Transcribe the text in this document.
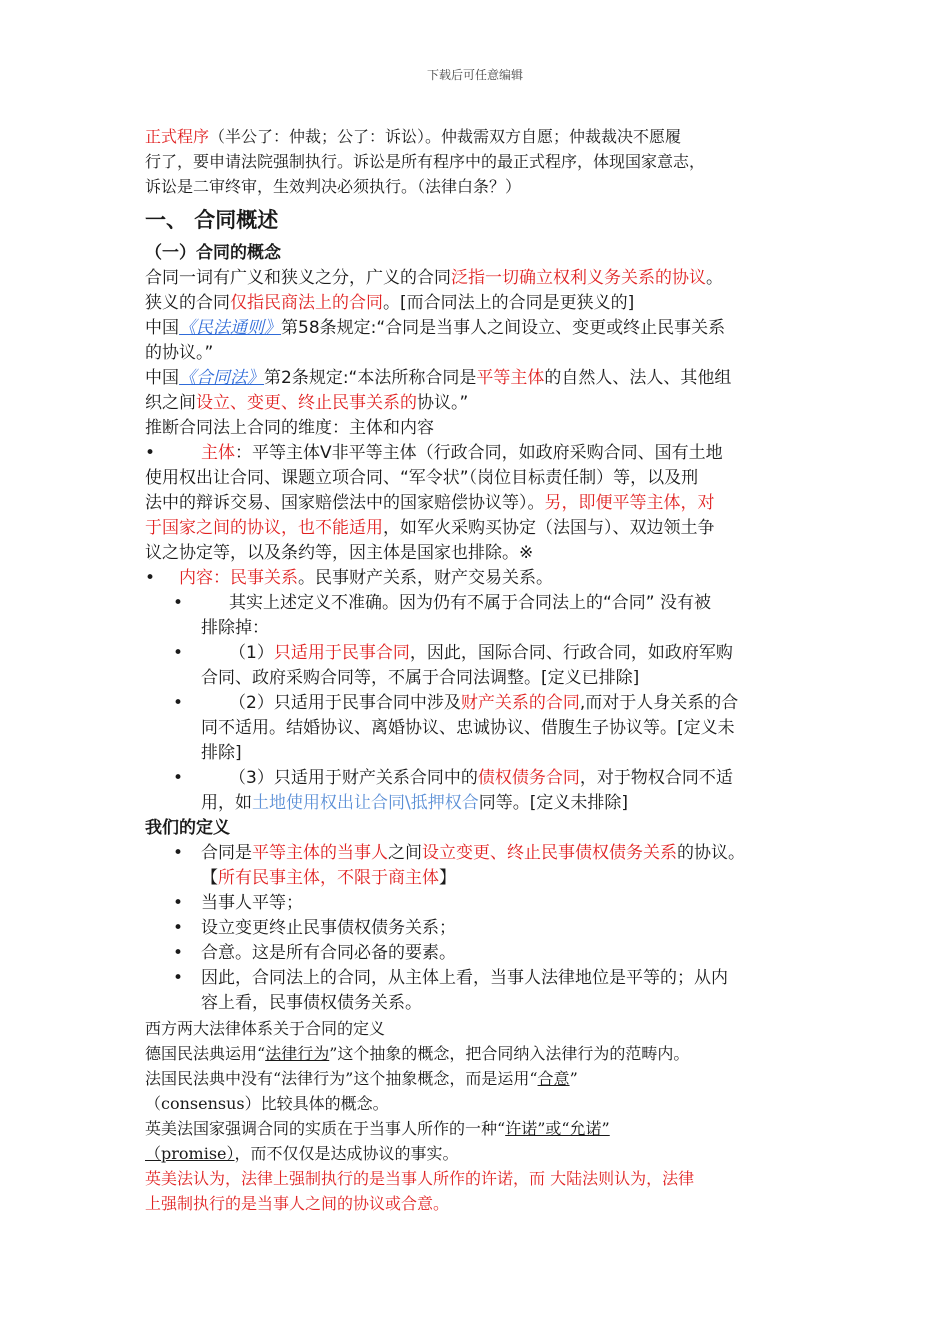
下载后可任意编辑
正式程序（半公了：仲裁；公了：诉讼）。仲裁需双方自愿；仲裁裁决不愿履
行了，要申请法院强制执行。诉讼是所有程序中的最正式程序，体现国家意志，
诉讼是二审终审，生效判决必须执行。（法律白条？）
一、 合同概述
（一）合同的概念
合同一词有广义和狭义之分，广义的合同泛指一切确立权利义务关系的协议。
狭义的合同仅指民商法上的合同。[而合同法上的合同是更狭义的]
中国《民法通则》第58条规定:“合同是当事人之间设立、变更或终止民事关系
的协议。”
中国《合同法》第2条规定:“本法所称合同是平等主体的自然人、法人、其他组
织之间设立、变更、终止民事关系的协议。”
推断合同法上合同的维度：主体和内容
•	主体：平等主体Ⅴ非平等主体（行政合同，如政府采购合同、国有土地
使用权出让合同、课题立项合同、“军令状”（岗位目标责任制）等，以及刑
法中的辩诉交易、国家赔偿法中的国家赔偿协议等）。另，即便平等主体，对
于国家之间的协议，也不能适用，如军火采购买协定（法国与）、双边领土争
议之协定等，以及条约等，因主体是国家也排除。※
• 内容：民事关系。民事财产关系，财产交易关系。
•	其实上述定义不准确。因为仍有不属于合同法上的“合同” 没有被
排除掉：
•	（1）只适用于民事合同，因此，国际合同、行政合同，如政府军购
合同、政府采购合同等，不属于合同法调整。[定义已排除]
•	（2）只适用于民事合同中涉及财产关系的合同,而对于人身关系的合
同不适用。结婚协议、离婚协议、忠诚协议、借腹生子协议等。[定义未
排除]
•	（3）只适用于财产关系合同中的债权债务合同，对于物权合同不适
用，如土地使用权出让合同\抵押权合同等。[定义未排除]
我们的定义
• 合同是平等主体的当事人之间设立变更、终止民事债权债务关系的协议。
【所有民事主体，不限于商主体】
• 当事人平等；
• 设立变更终止民事债权债务关系；
• 合意。这是所有合同必备的要素。
• 因此，合同法上的合同，从主体上看，当事人法律地位是平等的；从内
容上看，民事债权债务关系。
西方两大法律体系关于合同的定义
德国民法典运用“法律行为”这个抽象的概念，把合同纳入法律行为的范畴内。
法国民法典中没有“法律行为”这个抽象概念，而是运用“合意”
（consensus）比较具体的概念。
英美法国家强调合同的实质在于当事人所作的一种“许诺”或“允诺”
（promise），而不仅仅是达成协议的事实。
英美法认为，法律上强制执行的是当事人所作的许诺，而 大陆法则认为，法律
上强制执行的是当事人之间的协议或合意。
